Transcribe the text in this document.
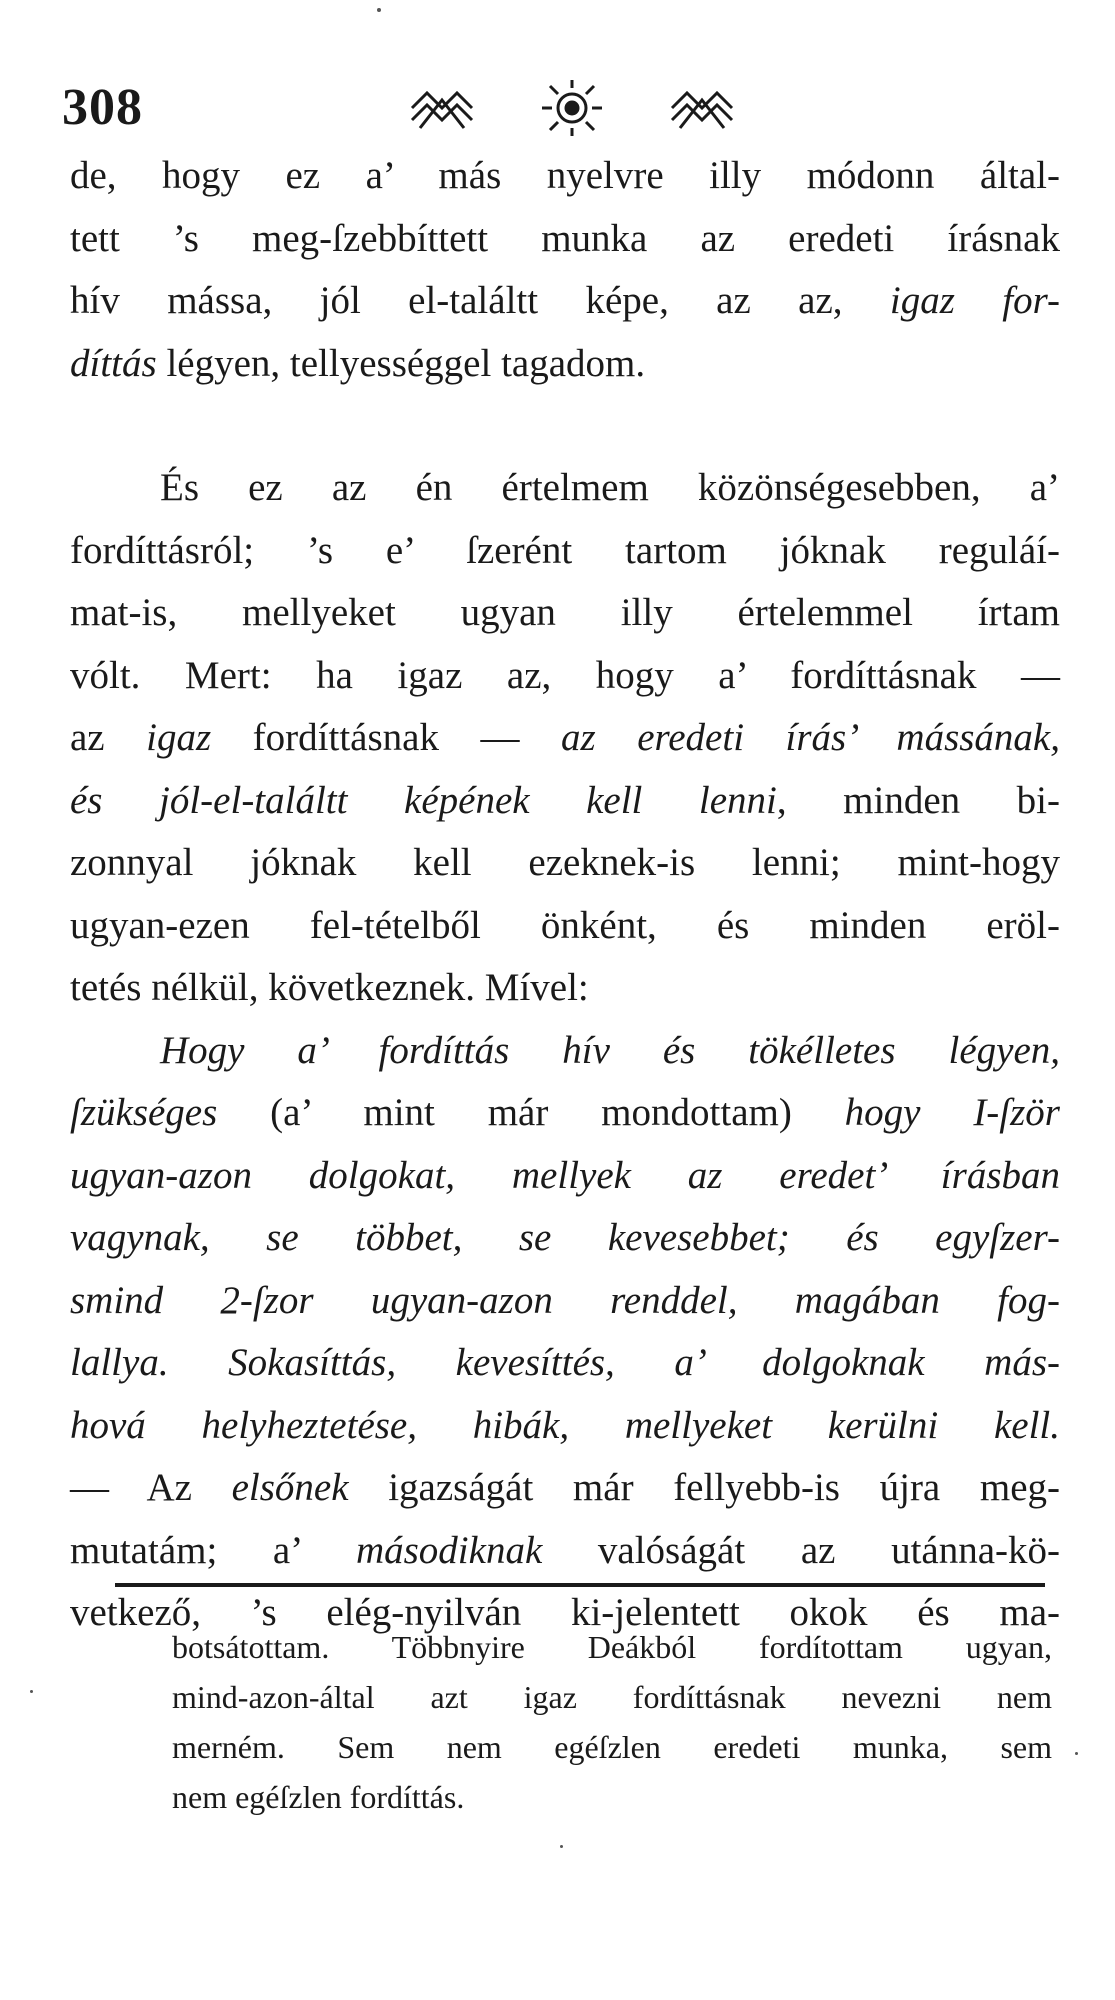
308

de, hogy ez a’ más nyelvre illy módonn által-
tett ’s meg-ſzebbíttett munka az eredeti írásnak
hív mássa, jól el-találtt képe, az az, igaz for-
díttás légyen, tellyességgel tagadom.

És ez az én értelmem közönségesebben, a’
fordíttásról; ’s e’ ſzerént tartom jóknak reguláí-
mat-is, mellyeket ugyan illy értelemmel írtam
vólt. Mert: ha igaz az, hogy a’ fordíttásnak —
az igaz fordíttásnak — az eredeti írás’ mássának,
és jól-el-találtt képének kell lenni, minden bi-
zonnyal jóknak kell ezeknek-is lenni; mint-hogy
ugyan-ezen fel-tételből önként, és minden eröl-
tetés nélkül, következnek. Mível:

Hogy a’ fordíttás hív és tökélletes légyen,
ſzükséges (a’ mint már mondottam) hogy I-ſzör
ugyan-azon dolgokat, mellyek az eredet’ írásban
vagynak, se többet, se kevesebbet; és egyſzer-
smind 2-ſzor ugyan-azon renddel, magában fog-
lallya. Sokasíttás, kevesíttés, a’ dolgoknak más-
hová helyheztetése, hibák, mellyeket kerülni kell.
— Az elsőnek igazságát már fellyebb-is újra meg-
mutatám; a’ másodiknak valóságát az utánna-kö-
vetkező, ’s elég-nyilván ki-jelentett okok és ma-

botsátottam. Többnyire Deákból fordítottam ugyan,
mind-azon-által azt igaz fordíttásnak nevezni nem
merném. Sem nem egéſzlen eredeti munka, sem
nem egéſzlen fordíttás.
